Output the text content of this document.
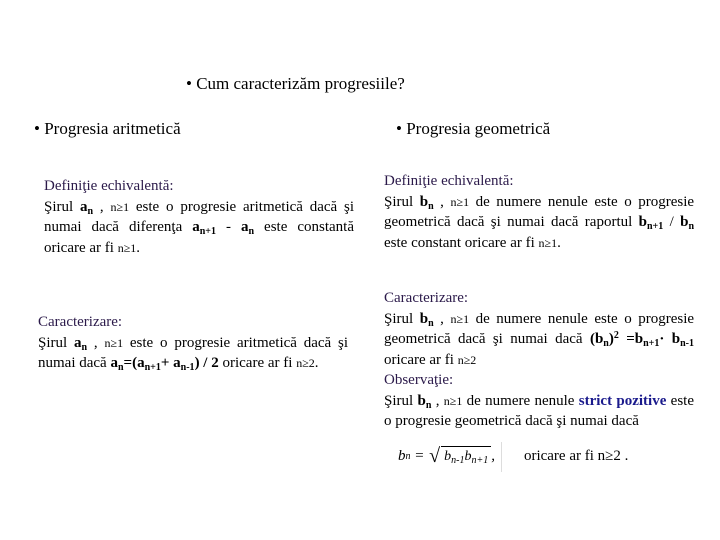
• Cum caracterizăm progresiile?
• Progresia aritmetică	• Progresia geometrică

Definiţie echivalentă:

Şirul $a_n$ , n≥1 este o progresie aritmetică dacă şi numai dacă diferenţa $a_{n+1} - a_n$ este constantă oricare ar fi n≥1.

Caracterizare:

Şirul $a_n$ , n≥1 este o progresie aritmetică dacă şi numai dacă $a_n=(a_{n+1}+ a_{n-1}) / 2$ oricare ar fi n≥2.

Definiţie echivalentă:

Şirul $b_n$ , n≥1 de numere nenule este o progresie geometrică dacă şi numai dacă raportul $b_{n+1} / b_n$ este constant oricare ar fi n≥1.

Caracterizare:

Şirul $b_n$ , n≥1 de numere nenule este o progresie geometrică dacă şi numai dacă $(b_n)^2 =b_{n+1}\cdot b_{n-1}$ oricare ar fi n≥2

Observaţie:

Şirul $b_n$ , n≥1 de numere nenule strict pozitive este o progresie geometrică dacă şi numai dacă

b n
=
√ $b_{n-1}b_{n+1}$ , oricare ar fi n≥2 .
